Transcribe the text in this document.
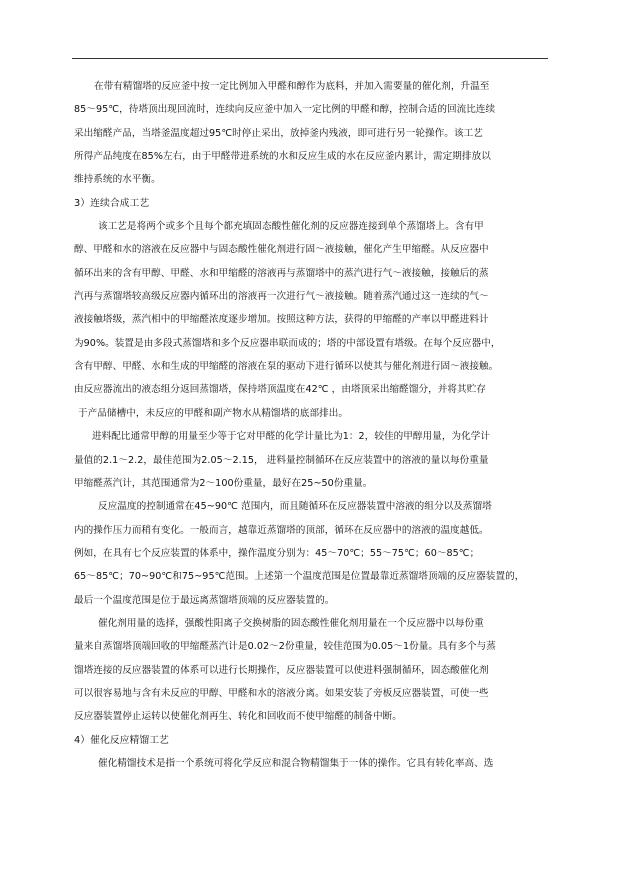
在带有精馏塔的反应釜中按一定比例加入甲醛和醇作为底料，并加入需要量的催化剂，升温至
85～95℃，待塔顶出现回流时，连续向反应釜中加入一定比例的甲醛和醇，控制合适的回流比连续
采出缩醛产品，当塔釜温度超过95℃时停止采出，放掉釜内残液，即可进行另一轮操作。该工艺
所得产品纯度在85%左右，由于甲醛带进系统的水和反应生成的水在反应釜内累计，需定期排放以
维持系统的水平衡。
3）连续合成工艺
该工艺是将两个或多个且每个都充填固态酸性催化剂的反应器连接到单个蒸馏塔上。含有甲
醇、甲醛和水的溶液在反应器中与固态酸性催化剂进行固～液接触，催化产生甲缩醛。从反应器中
循环出来的含有甲醇、甲醛、水和甲缩醛的溶液再与蒸馏塔中的蒸汽进行气～液接触，接触后的蒸
汽再与蒸馏塔较高级反应器内循环出的溶液再一次进行气～液接触。随着蒸汽通过这一连续的气～
液接触塔级，蒸汽相中的甲缩醛浓度逐步增加。按照这种方法，获得的甲缩醛的产率以甲醛进料计
为90%。装置是由多段式蒸馏塔和多个反应器串联而成的；塔的中部设置有塔级。在每个反应器中，
含有甲醇、甲醛、水和生成的甲缩醛的溶液在泵的驱动下进行循环以使其与催化剂进行固～液接触。
由反应器流出的液态组分返回蒸馏塔，保持塔顶温度在42℃ ，由塔顶采出缩醛馏分，并将其贮存
于产品储槽中，未反应的甲醛和副产物水从精馏塔的底部排出。
进料配比通常甲醇的用量至少等于它对甲醛的化学计量比为1：2，较佳的甲醇用量，为化学计
量值的2.1～2.2，最佳范围为2.05～2.15， 进料量控制循环在反应装置中的溶液的量以每份重量
甲缩醛蒸汽计，其范围通常为2～100份重量，最好在25~50份重量。
反应温度的控制通常在45~90℃ 范围内，而且随循环在反应器装置中溶液的组分以及蒸馏塔
内的操作压力而稍有变化。一般而言，越靠近蒸馏塔的顶部，循环在反应器中的溶液的温度越低。
例如，在具有七个反应装置的体系中，操作温度分别为：45～70℃；55～75℃；60～85℃；
65～85℃；70~90℃和75~95℃范围。上述第一个温度范围是位置最靠近蒸馏塔顶端的反应器装置的，
最后一个温度范围是位于最远离蒸馏塔顶端的反应器装置的。
催化剂用量的选择，强酸性阳离子交换树脂的固态酸性催化剂用量在一个反应器中以每份重
量来自蒸馏塔顶端回收的甲缩醛蒸汽计是0.02～2份重量，较佳范围为0.05～1份量。具有多个与蒸
馏塔连接的反应器装置的体系可以进行长期操作，反应器装置可以使进料强制循环，固态酸催化剂
可以很容易地与含有未反应的甲醇、甲醛和水的溶液分离。如果安装了旁板反应器装置，可使一些
反应器装置停止运转以使催化剂再生、转化和回收而不使甲缩醛的制备中断。
4）催化反应精馏工艺
催化精馏技术是指一个系统可将化学反应和混合物精馏集于一体的操作。它具有转化率高、选
